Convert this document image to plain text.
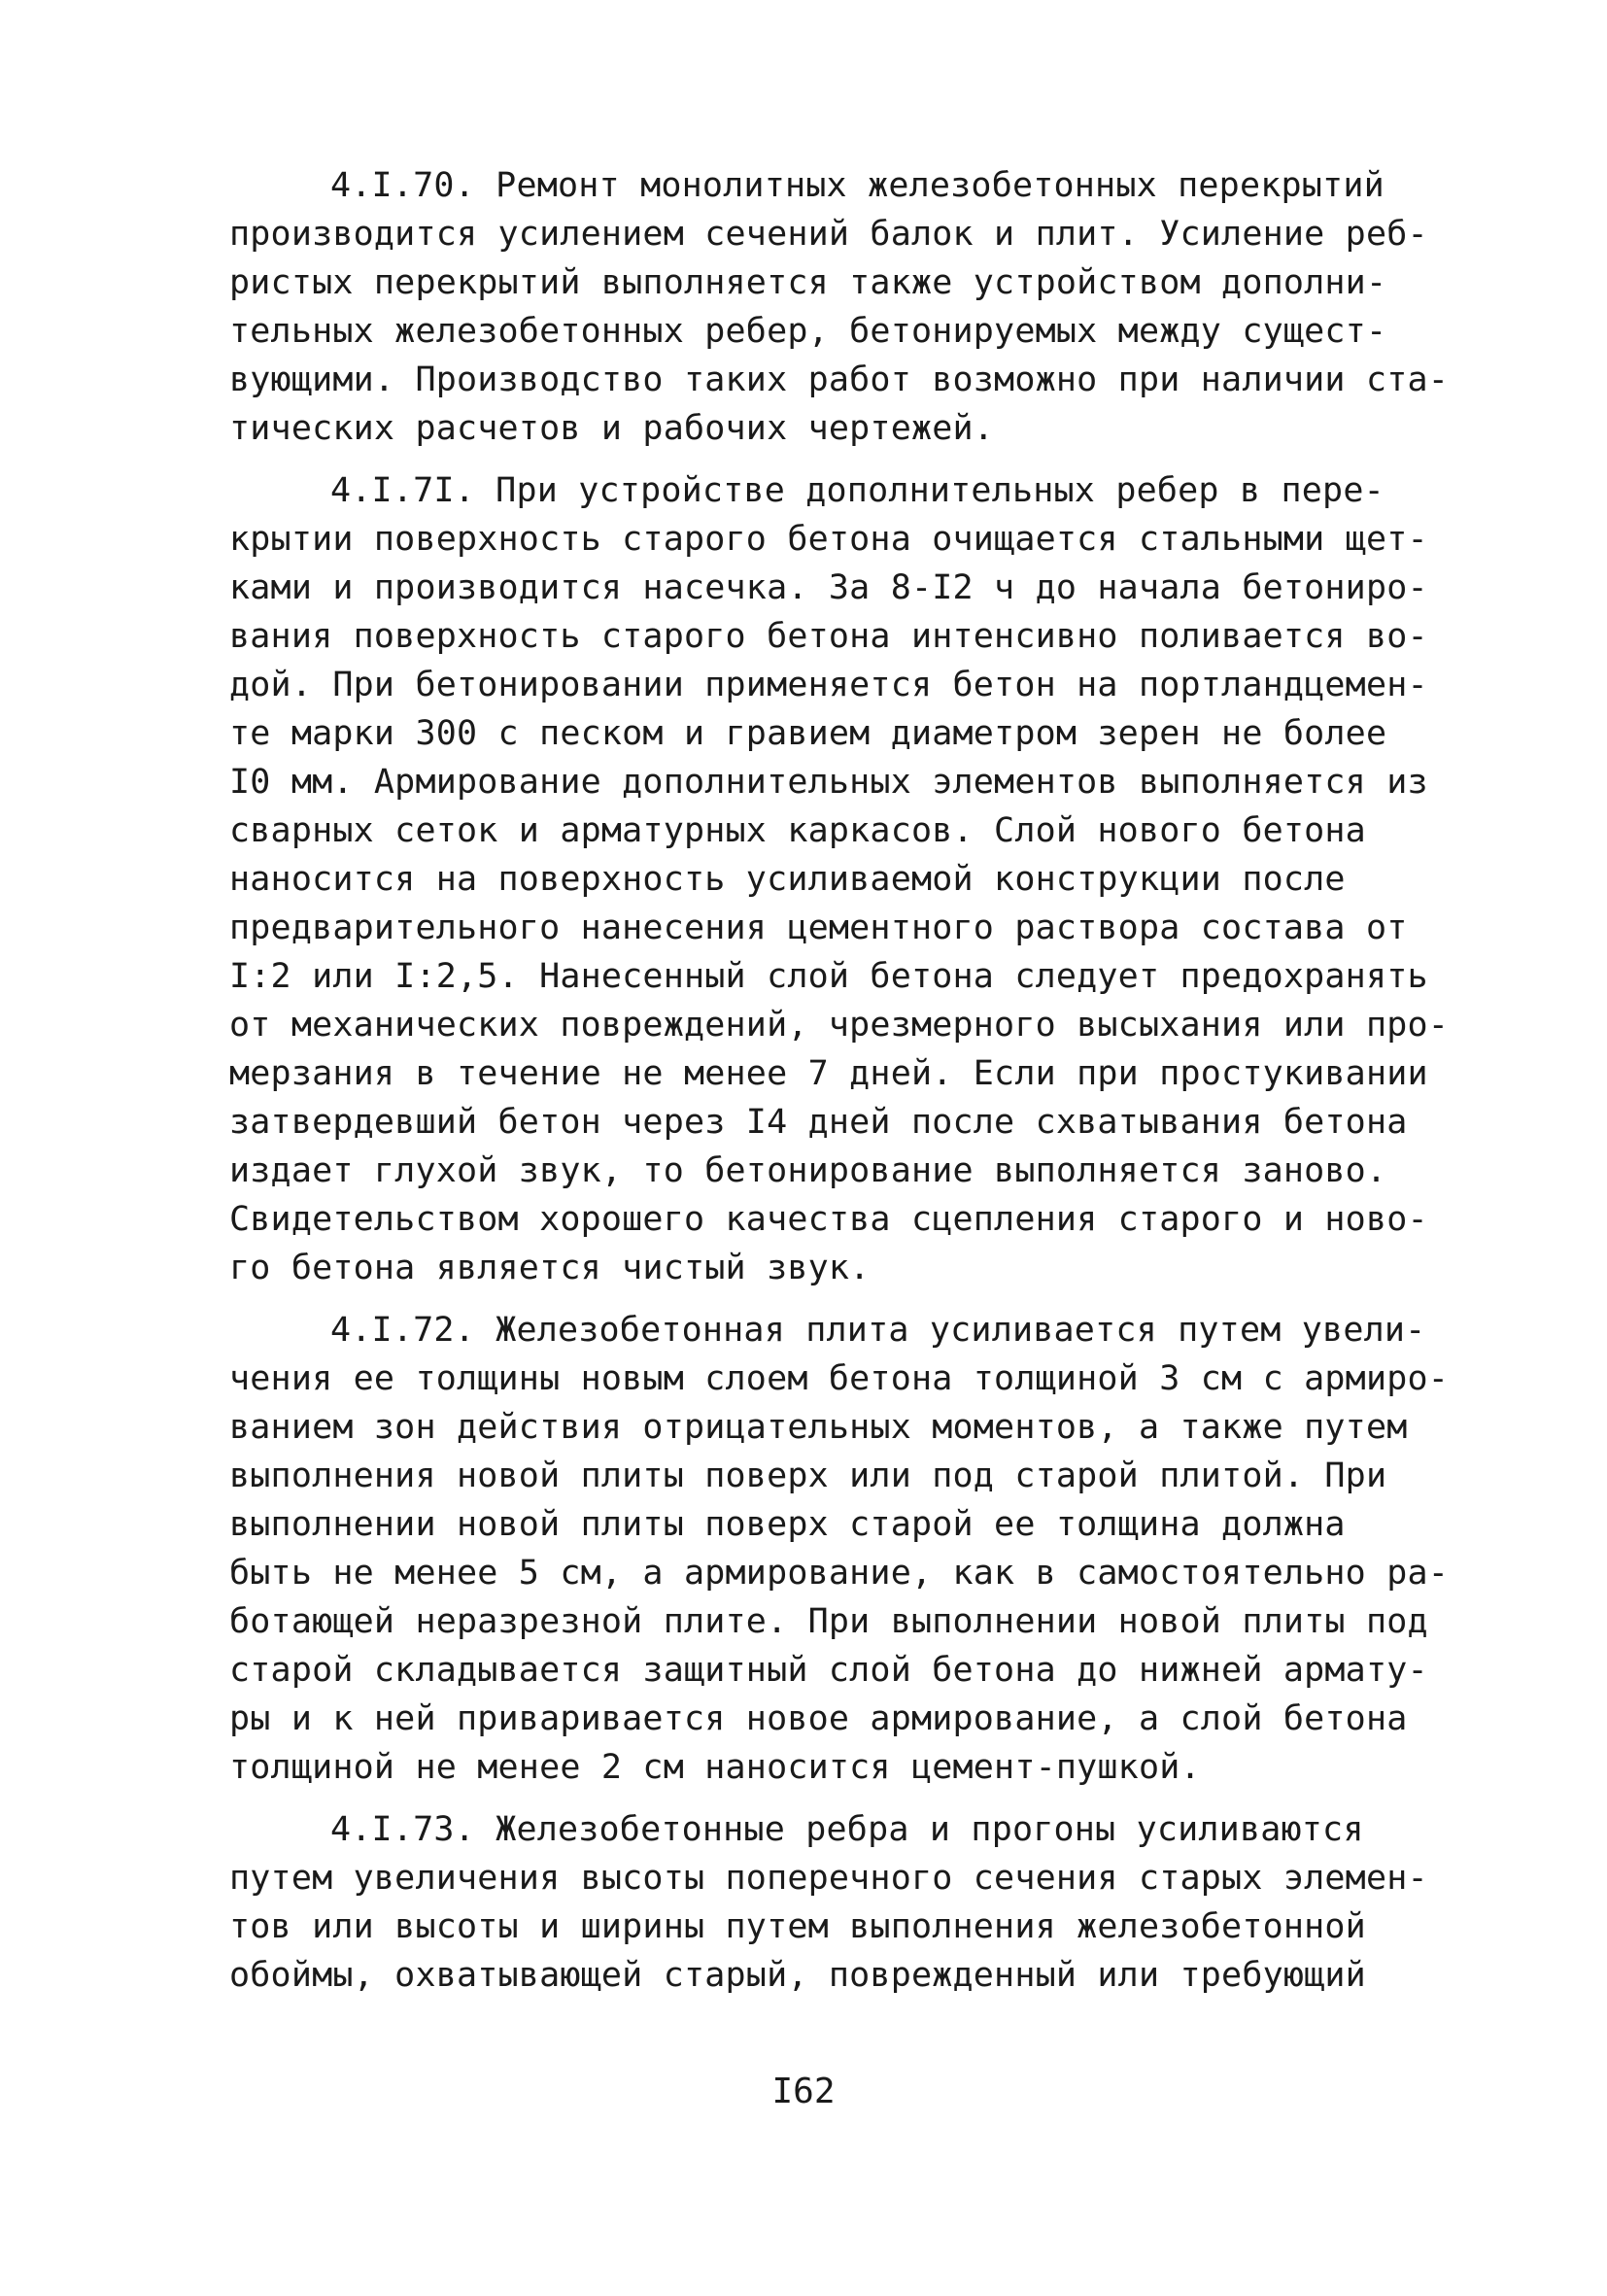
4.I.70. Ремонт монолитных железобетонных перекрытий
производится усилением сечений балок и плит. Усиление реб-
ристых перекрытий выполняется также устройством дополни-
тельных железобетонных ребер, бетонируемых между сущест-
вующими. Производство таких работ возможно при наличии ста-
тических расчетов и рабочих чертежей.
4.I.7I. При устройстве дополнительных ребер в пере-
крытии поверхность старого бетона очищается стальными щет-
ками и производится насечка. За 8-I2 ч до начала бетониро-
вания поверхность старого бетона интенсивно поливается во-
дой. При бетонировании применяется бетон на портландцемен-
те марки 300 с песком и гравием диаметром зерен не более
I0 мм. Армирование дополнительных элементов выполняется из
сварных сеток и арматурных каркасов. Слой нового бетона
наносится на поверхность усиливаемой конструкции после
предварительного нанесения цементного раствора состава от
I:2 или I:2,5. Нанесенный слой бетона следует предохранять
от механических повреждений, чрезмерного высыхания или про-
мерзания в течение не менее 7 дней. Если при простукивании
затвердевший бетон через I4 дней после схватывания бетона
издает глухой звук, то бетонирование выполняется заново.
Свидетельством хорошего качества сцепления старого и ново-
го бетона является чистый звук.
4.I.72. Железобетонная плита усиливается путем увели-
чения ее толщины новым слоем бетона толщиной 3 см с армиро-
ванием зон действия отрицательных моментов, а также путем
выполнения новой плиты поверх или под старой плитой. При
выполнении новой плиты поверх старой ее толщина должна
быть не менее 5 см, а армирование, как в самостоятельно ра-
ботающей неразрезной плите. При выполнении новой плиты под
старой складывается защитный слой бетона до нижней армату-
ры и к ней приваривается новое армирование, а слой бетона
толщиной не менее 2 см наносится цемент-пушкой.
4.I.73. Железобетонные ребра и прогоны усиливаются
путем увеличения высоты поперечного сечения старых элемен-
тов или высоты и ширины путем выполнения железобетонной
обоймы, охватывающей старый, поврежденный или требующий
I62
